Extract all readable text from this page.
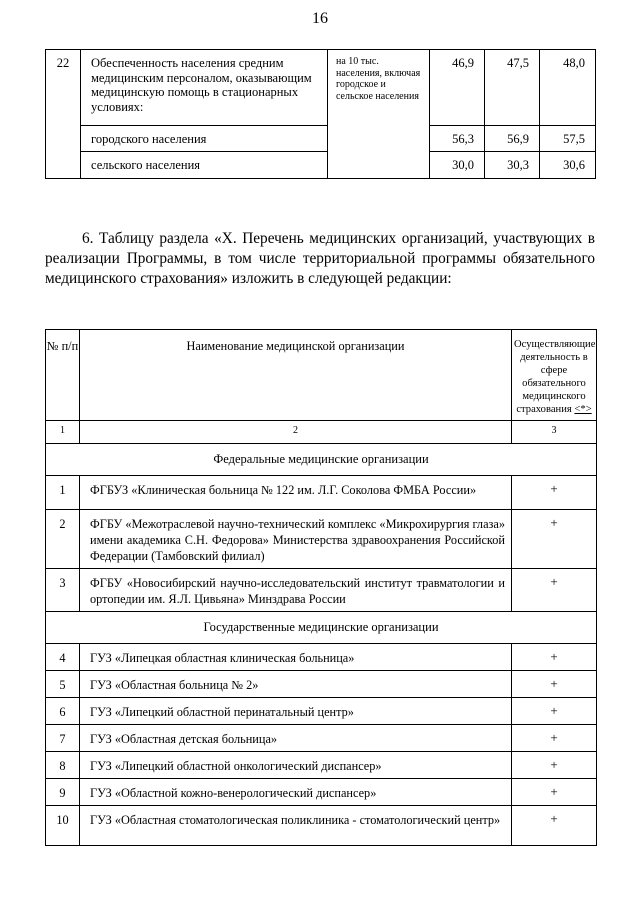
16
22	Обеспеченность населения средним медицинским персоналом, оказывающим медицинскую помощь в стационарных условиях:	на 10 тыс. населения, включая городское и сельское населения	46,9	47,5	48,0
	городского населения		56,3	56,9	57,5
	сельского населения		30,0	30,3	30,6
6. Таблицу раздела «X. Перечень медицинских организаций, участвующих в реализации Программы, в том числе территориальной программы обязательного медицинского страхования» изложить в следующей редакции:
№ п/п	Наименование медицинской организации	Осуществляющие деятельность в сфере обязательного медицинского страхования <*>
1	2	3
Федеральные медицинские организации		
1	ФГБУЗ «Клиническая больница № 122 им. Л.Г. Соколова ФМБА России»	+
2	ФГБУ «Межотраслевой научно-технический комплекс «Микрохирургия глаза» имени академика С.Н. Федорова» Министерства здравоохранения Российской Федерации (Тамбовский филиал)	+
3	ФГБУ «Новосибирский научно-исследовательский институт травматологии и ортопедии им. Я.Л. Цивьяна» Минздрава России	+
Государственные медицинские организации		
4	ГУЗ «Липецкая областная клиническая больница»	+
5	ГУЗ «Областная больница № 2»	+
6	ГУЗ «Липецкий областной перинатальный центр»	+
7	ГУЗ «Областная детская больница»	+
8	ГУЗ «Липецкий областной онкологический диспансер»	+
9	ГУЗ «Областной кожно-венерологический диспансер»	+
10	ГУЗ «Областная стоматологическая поликлиника - стоматологический центр»	+
